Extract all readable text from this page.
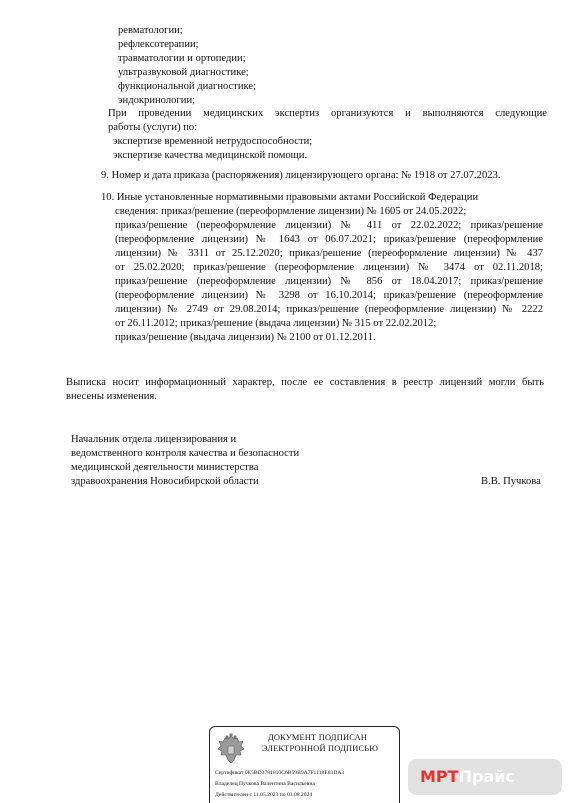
ревматологии;
рефлексотерапии;
травматологии и ортопедии;
ультразвуковой диагностике;
функциональной диагностике;
эндокринологии;
При проведении медицинских экспертиз организуются и выполняются следующие
работы (услуги) по:
экспертизе временной нетрудоспособности;
экспертизе качества медицинской помощи.
9. Номер и дата приказа (распоряжения) лицензирующего органа: № 1918 от 27.07.2023.
10. Иные установленные нормативными правовыми актами Российской Федерации
сведения: приказ/решение (переоформление лицензии) № 1605 от 24.05.2022;
приказ/решение (переоформление лицензии) № 411 от 22.02.2022; приказ/решение
(переоформление лицензии) № 1643 от 06.07.2021; приказ/решение (переоформление
лицензии) № 3311 от 25.12.2020; приказ/решение (переоформление лицензии) № 437
от 25.02.2020; приказ/решение (переоформление лицензии) № 3474 от 02.11.2018;
приказ/решение (переоформление лицензии) № 856 от 18.04.2017; приказ/решение
(переоформление лицензии) № 3298 от 16.10.2014; приказ/решение (переоформление
лицензии) № 2749 от 29.08.2014; приказ/решение (переоформление лицензии) № 2222
от 26.11.2012; приказ/решение (выдача лицензии) № 315 от 22.02.2012;
приказ/решение (выдача лицензии) № 2100 от 01.12.2011.
Выписка носит информационный характер, после ее составления в реестр лицензий могли быть
внесены изменения.
Начальник отдела лицензирования и
ведомственного контроля качества и безопасности
медицинской деятельности министерства
здравоохранения Новосибирской области	В.В. Пучкова
ДОКУМЕНТ ПОДПИСАН
ЭЛЕКТРОННОЙ ПОДПИСЬЮ
Сертификат 0E5BD3781810C6B59B9A7F1118E83DA3
Владелец Пучкова Валентина Васильевна
Действителен с 11.05.2023 по 03.08.2024
МРТПрайс
